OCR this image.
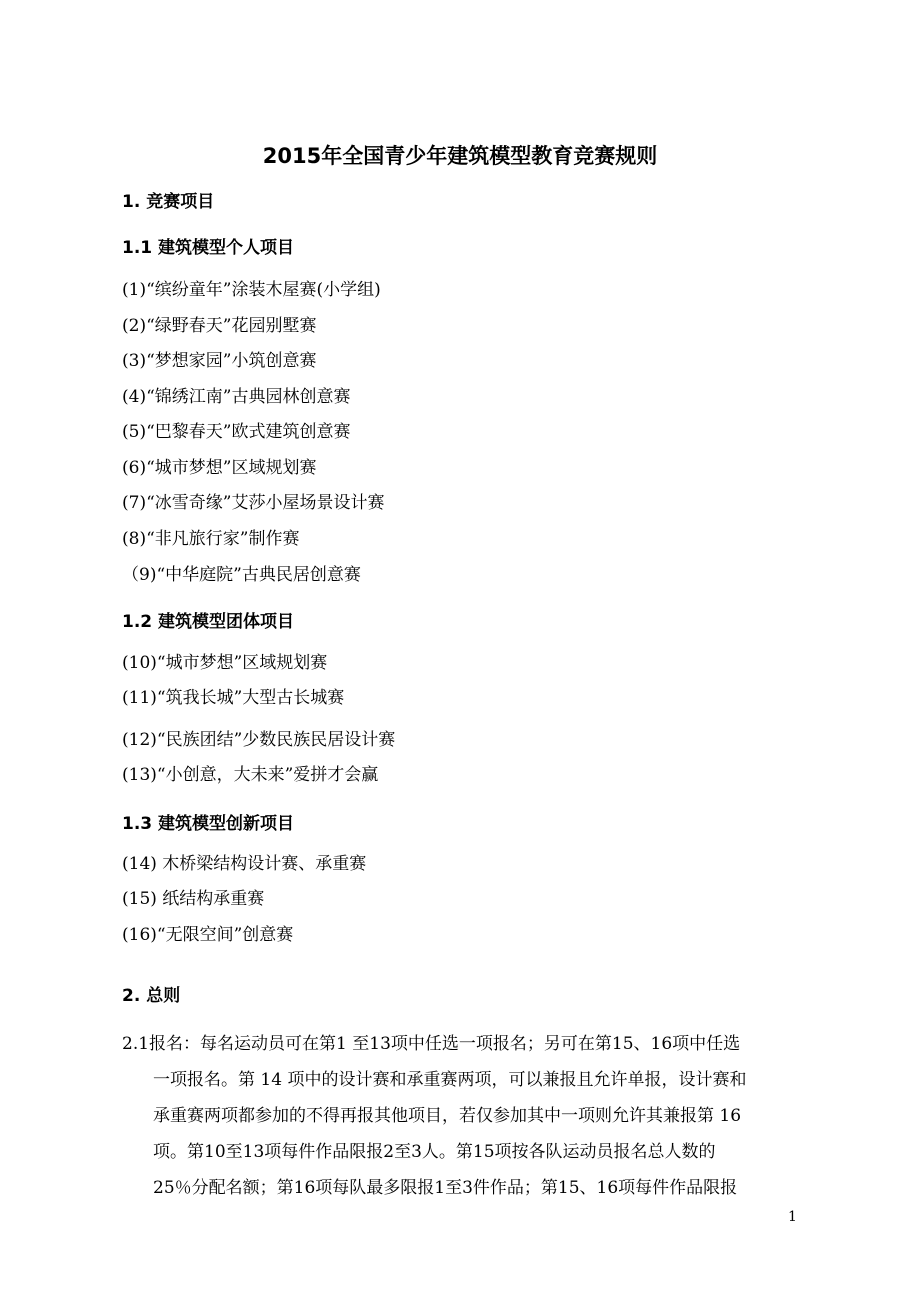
2015年全国青少年建筑模型教育竞赛规则
1. 竞赛项目
1.1 建筑模型个人项目
(1)“缤纷童年”涂装木屋赛(小学组)
(2)“绿野春天”花园别墅赛
(3)“梦想家园”小筑创意赛
(4)“锦绣江南”古典园林创意赛
(5)“巴黎春天”欧式建筑创意赛
(6)“城市梦想”区域规划赛
(7)“冰雪奇缘”艾莎小屋场景设计赛
(8)“非凡旅行家”制作赛
（9)“中华庭院”古典民居创意赛
1.2 建筑模型团体项目
(10)“城市梦想”区域规划赛
(11)“筑我长城”大型古长城赛
(12)“民族团结”少数民族民居设计赛
(13)“小创意，大未来”爱拼才会赢
1.3 建筑模型创新项目
(14) 木桥梁结构设计赛、承重赛
(15) 纸结构承重赛
(16)“无限空间”创意赛
2. 总则
2.1报名：每名运动员可在第1 至13项中任选一项报名；另可在第15、16项中任选
一项报名。第 14 项中的设计赛和承重赛两项，可以兼报且允许单报，设计赛和
承重赛两项都参加的不得再报其他项目，若仅参加其中一项则允许其兼报第 16
项。第10至13项每件作品限报2至3人。第15项按各队运动员报名总人数的
25％分配名额；第16项每队最多限报1至3件作品；第15、16项每件作品限报
1
